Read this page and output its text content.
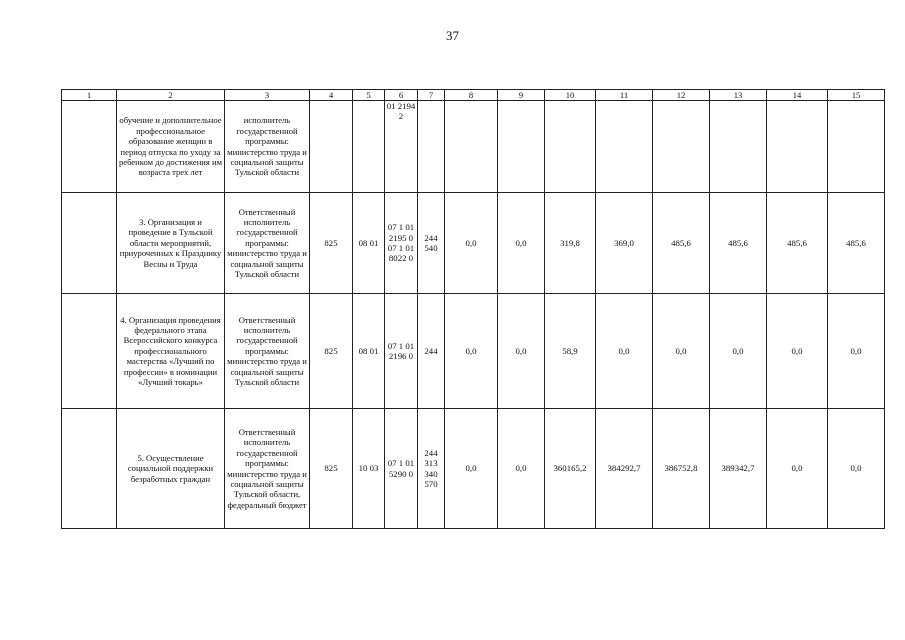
37
1	2	3	4	5	6	7	8	9	10	11	12	13	14	15
	обучение и дополнительное профессиональное образование женщин в период отпуска по уходу за ребенком до достижения им возраста трех лет	исполнитель государственной программы: министерство труда и социальной защиты Тульской области			01 2194 2									
	3. Организация и проведение в Тульской области мероприятий, приуроченных к Празднику Весны и Труда	Ответственный исполнитель государственной программы: министерство труда и социальной защиты Тульской области	825	08 01	07 1 01 2195 0 07 1 01 8022 0	244 540	0,0	0,0	319,8	369,0	485,6	485,6	485,6	485,6
	4. Организация проведения федерального этапа Всероссийского конкурса профессионального мастерства «Лучший по профессии» в номинации «Лучший токарь»	Ответственный исполнитель государственной программы: министерство труда и социальной защиты Тульской области	825	08 01	07 1 01 2196 0	244	0,0	0,0	58,9	0,0	0,0	0,0	0,0	0,0
	5. Осуществление социальной поддержки безработных граждан	Ответственный исполнитель государственной программы: министерство труда и социальной защиты Тульской области, федеральный бюджет	825	10 03	07 1 01 5290 0	244 313 340 570	0,0	0,0	360165,2	384292,7	386752,8	389342,7	0,0	0,0
